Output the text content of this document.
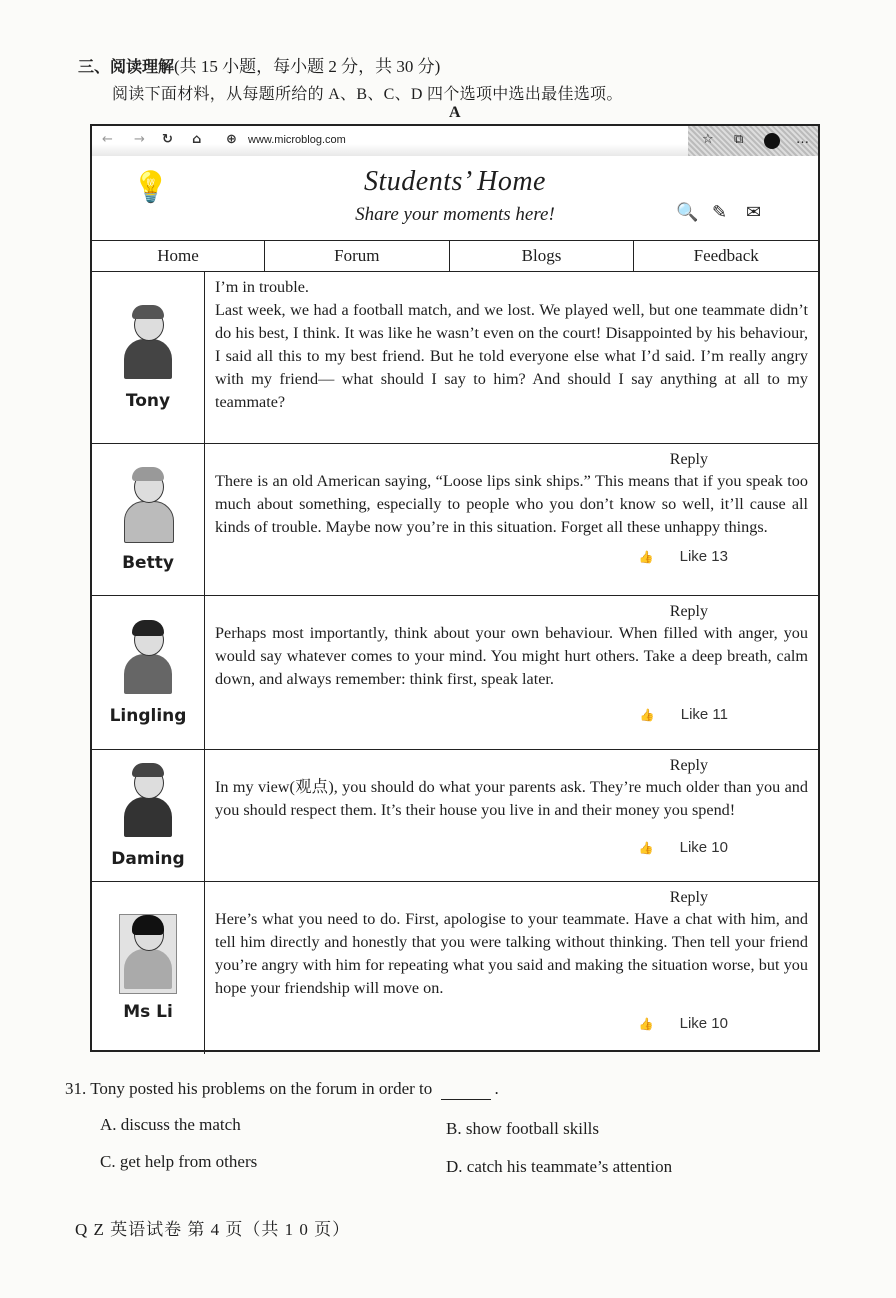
三、阅读理解(共 15 小题，每小题 2 分，共 30 分)
阅读下面材料，从每题所给的 A、B、C、D 四个选项中选出最佳选项。
A
← → ↻ ⌂ ⊕ www.microblog.com	☆ ⧉	…
💡	Students’ Home
Share your moments here!	🔍 ✎ ✉
Home	Forum	Blogs	Feedback
Tony
I’m in trouble.
Last week, we had a football match, and we lost. We played well, but one teammate didn’t do his best, I think. It was like he wasn’t even on the court! Disappointed by his behaviour, I said all this to my best friend. But he told everyone else what I’d said. I’m really angry with my friend— what should I say to him? And should I say anything at all to my teammate?
Betty
Reply
There is an old American saying, “Loose lips sink ships.” This means that if you speak too much about something, especially to people who you don’t know so well, it’ll cause all kinds of trouble. Maybe now you’re in this situation. Forget all these unhappy things.
👍 Like 13
Lingling
Reply
Perhaps most importantly, think about your own behaviour. When filled with anger, you would say whatever comes to your mind. You might hurt others. Take a deep breath, calm down, and always remember: think first, speak later.
👍 Like 11
Daming
Reply
In my view(观点), you should do what your parents ask. They’re much older than you and you should respect them. It’s their house you live in and their money you spend!
👍 Like 10
Ms Li
Reply
Here’s what you need to do. First, apologise to your teammate. Have a chat with him, and tell him directly and honestly that you were talking without thinking. Then tell your friend you’re angry with him for repeating what you said and making the situation worse, but you hope your friendship will move on.
👍 Like 10
31. Tony posted his problems on the forum in order to	.
A. discuss the match	B. show football skills
C. get help from others	D. catch his teammate’s attention
Q Z 英语试卷 第 4 页（共 1 0 页）
